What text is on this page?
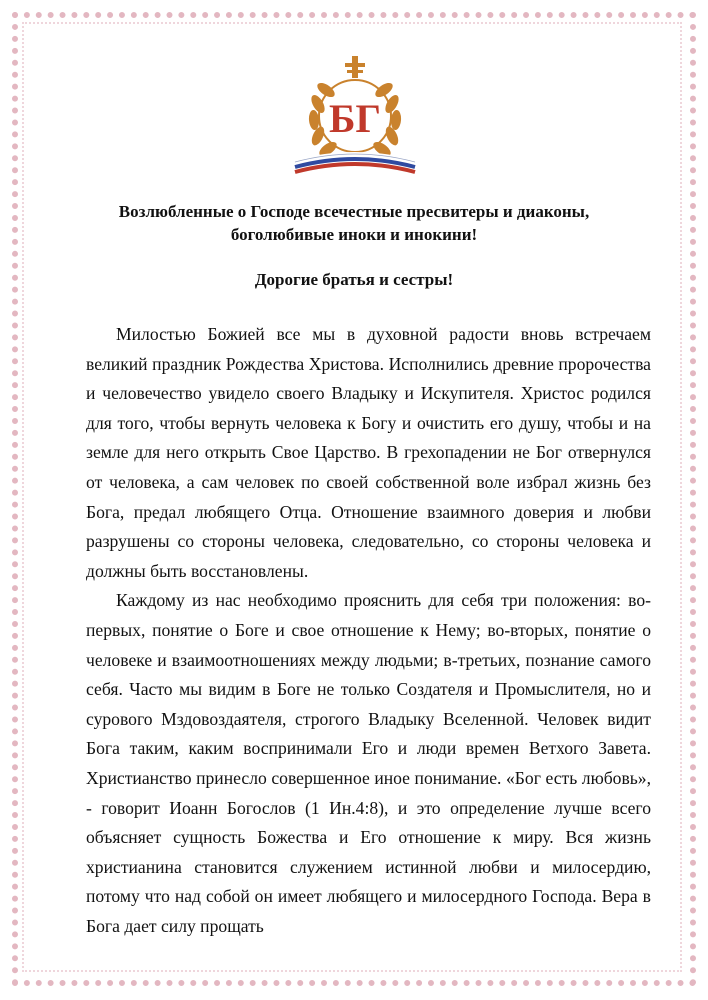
БГ
Возлюбленные о Господе всечестные пресвитеры и диаконы,
боголюбивые иноки и инокини!
Дорогие братья и сестры!

Милостью Божией все мы в духовной радости вновь встречаем великий праздник Рождества Христова. Исполнились древние пророчества и человечество увидело своего Владыку и Искупителя. Христос родился для того, чтобы вернуть человека к Богу и очистить его душу, чтобы и на земле для него открыть Свое Царство. В грехопадении не Бог отвернулся от человека, а сам человек по своей собственной воле избрал жизнь без Бога, предал любящего Отца. Отношение взаимного доверия и любви разрушены со стороны человека, следовательно, со стороны человека и должны быть восстановлены.

Каждому из нас необходимо прояснить для себя три положения: во-первых, понятие о Боге и свое отношение к Нему; во-вторых, понятие о человеке и взаимоотношениях между людьми; в-третьих, познание самого себя. Часто мы видим в Боге не только Создателя и Промыслителя, но и сурового Мздовоздаятеля, строгого Владыку Вселенной. Человек видит Бога таким, каким воспринимали Его и люди времен Ветхого Завета. Христианство принесло совершенное иное понимание. «Бог есть любовь», - говорит Иоанн Богослов (1 Ин.4:8), и это определение лучше всего объясняет сущность Божества и Его отношение к миру. Вся жизнь христианина становится служением истинной любви и милосердию, потому что над собой он имеет любящего и милосердного Господа. Вера в Бога дает силу прощать
